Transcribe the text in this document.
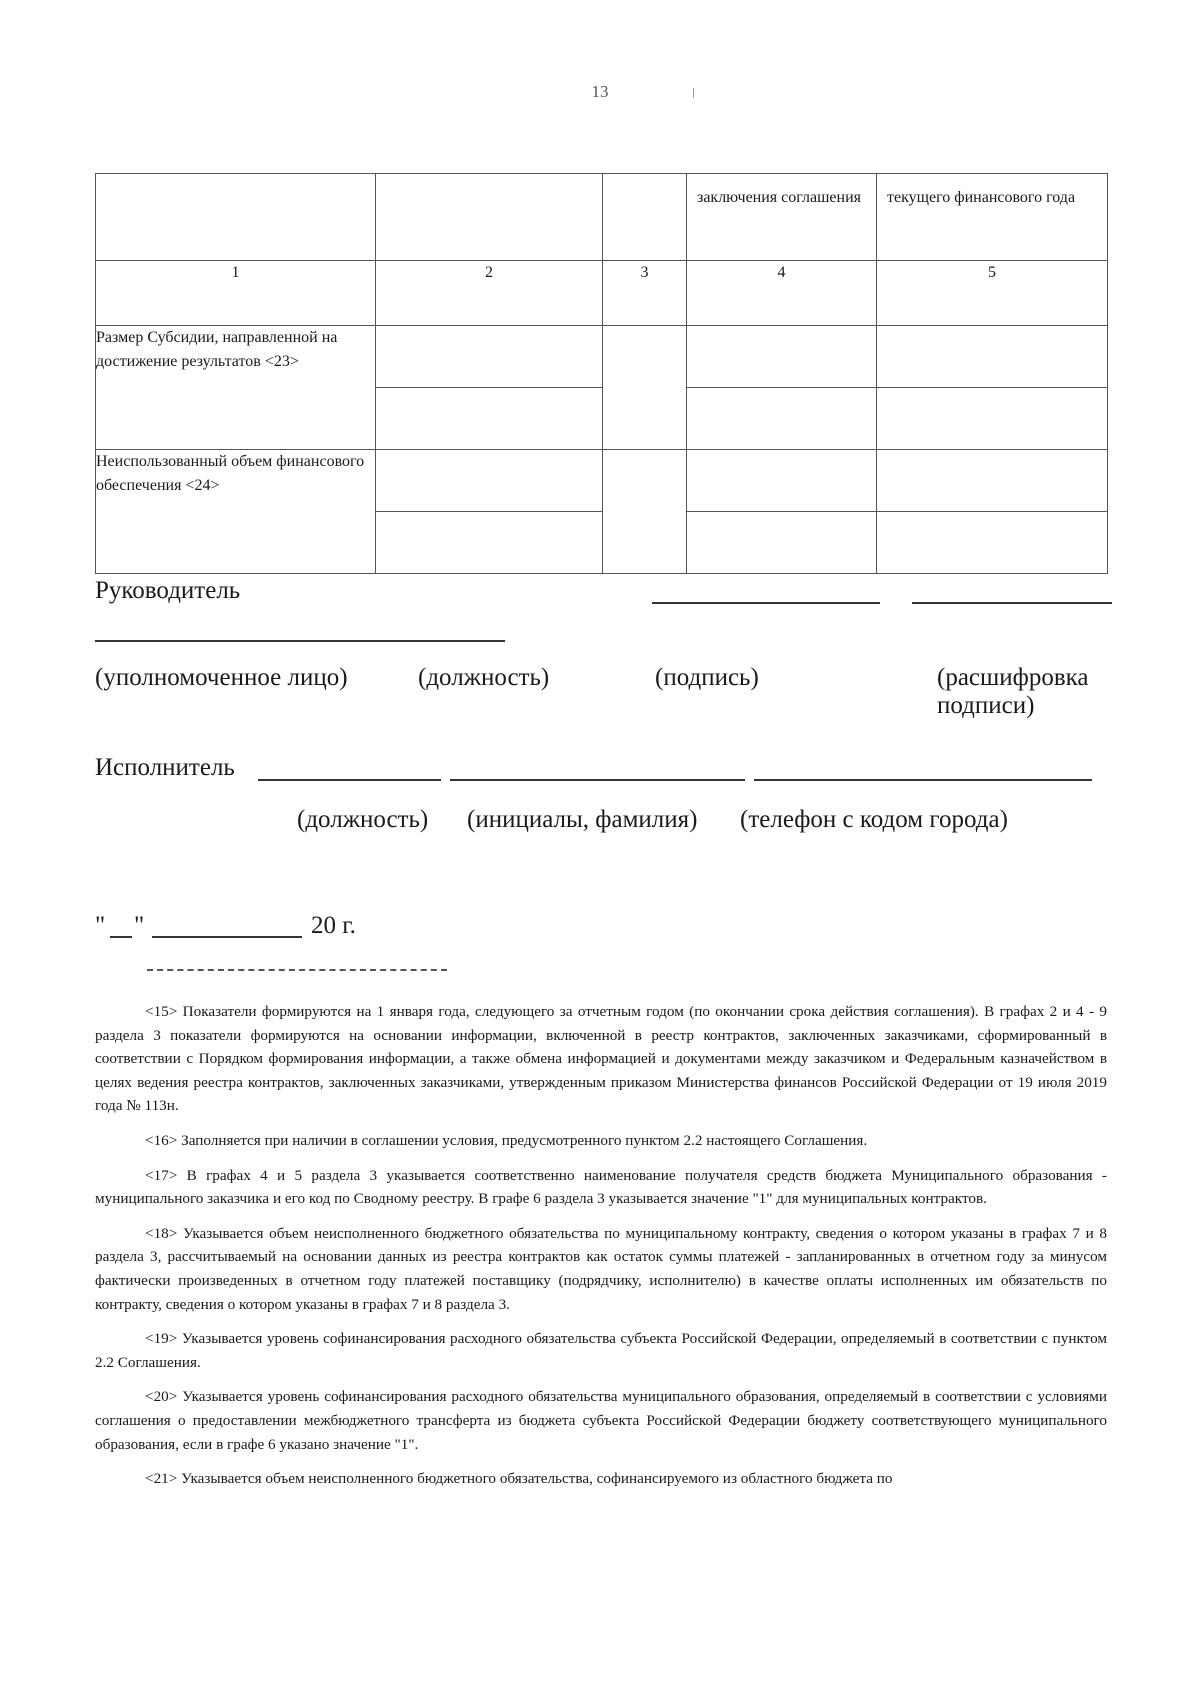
13

			заключения соглашения	текущего финансового года

1	2	3	4	5
Размер Субсидии, направленной на достижение результатов <23>				

Неиспользованный объем финансового обеспечения <24>				

Руководитель
(уполномоченное лицо)	(должность)	(подпись)	(расшифровка подписи)
Исполнитель
(должность) (инициалы, фамилия) (телефон с кодом города)
" "	20 г.

<15> Показатели формируются на 1 января года, следующего за отчетным годом (по окончании срока действия соглашения). В графах 2 и 4 - 9 раздела 3 показатели формируются на основании информации, включенной в реестр контрактов, заключенных заказчиками, сформированный в соответствии с Порядком формирования информации, а также обмена информацией и документами между заказчиком и Федеральным казначейством в целях ведения реестра контрактов, заключенных заказчиками, утвержденным приказом Министерства финансов Российской Федерации от 19 июля 2019 года № 113н.

<16> Заполняется при наличии в соглашении условия, предусмотренного пунктом 2.2 настоящего Соглашения.

<17> В графах 4 и 5 раздела 3 указывается соответственно наименование получателя средств бюджета Муниципального образования - муниципального заказчика и его код по Сводному реестру. В графе 6 раздела 3 указывается значение "1" для муниципальных контрактов.

<18> Указывается объем неисполненного бюджетного обязательства по муниципальному контракту, сведения о котором указаны в графах 7 и 8 раздела 3, рассчитываемый на основании данных из реестра контрактов как остаток суммы платежей - запланированных в отчетном году за минусом фактически произведенных в отчетном году платежей поставщику (подрядчику, исполнителю) в качестве оплаты исполненных им обязательств по контракту, сведения о котором указаны в графах 7 и 8 раздела 3.

<19> Указывается уровень софинансирования расходного обязательства субъекта Российской Федерации, определяемый в соответствии с пунктом 2.2 Соглашения.

<20> Указывается уровень софинансирования расходного обязательства муниципального образования, определяемый в соответствии с условиями соглашения о предоставлении межбюджетного трансферта из бюджета субъекта Российской Федерации бюджету соответствующего муниципального образования, если в графе 6 указано значение "1".

<21> Указывается объем неисполненного бюджетного обязательства, софинансируемого из областного бюджета по
